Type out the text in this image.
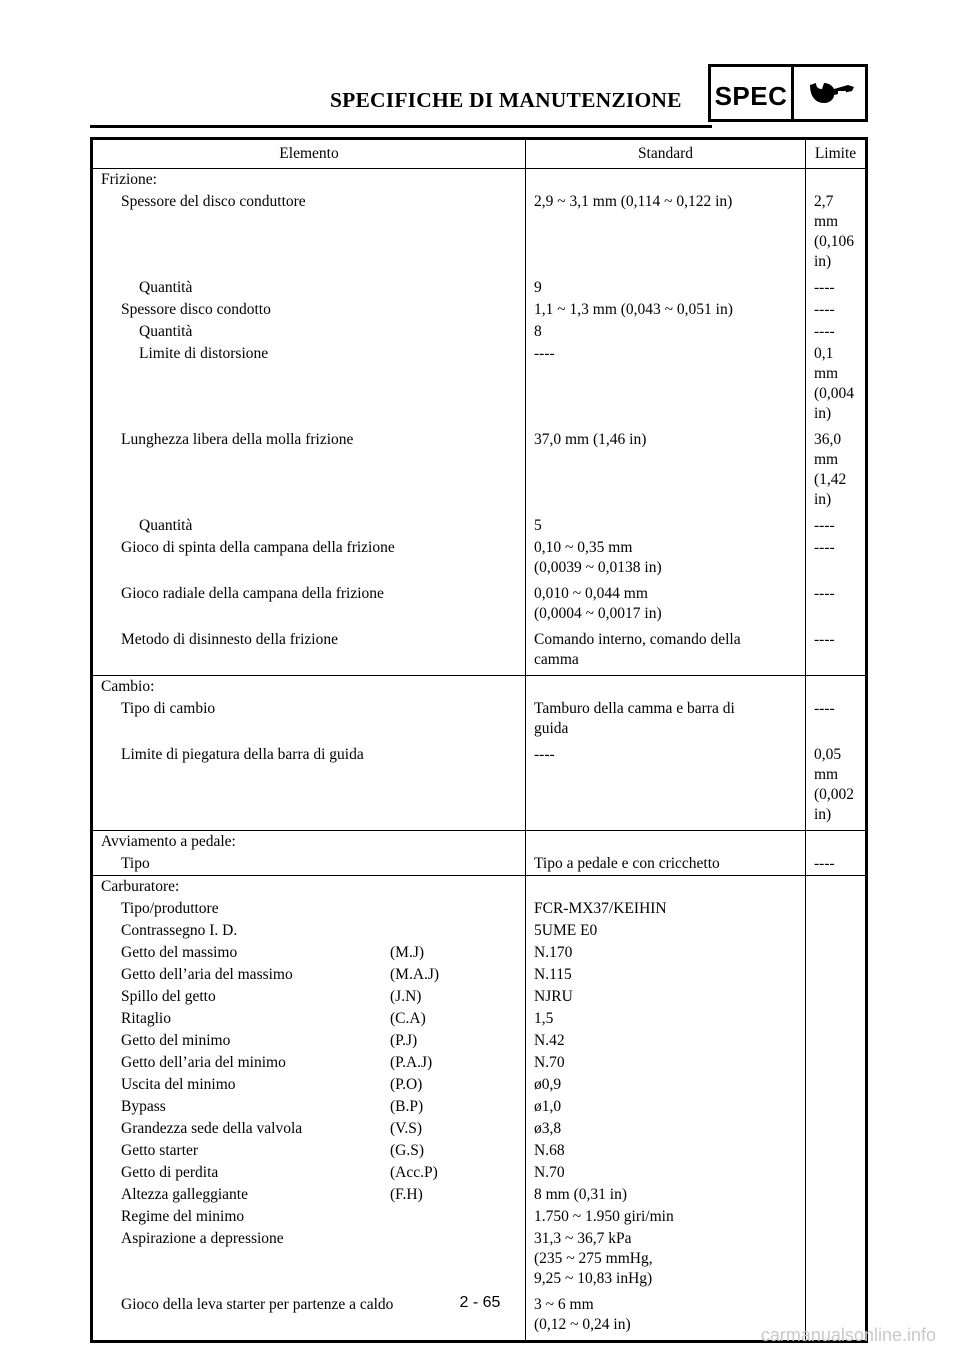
SPECIFICHE DI MANUTENZIONE SPEC
Elemento	Standard	Limite
Frizione:		
Spessore del disco conduttore	2,9 ~ 3,1 mm (0,114 ~ 0,122 in)	2,7 mm
(0,106 in)

Quantità	9	----

Spessore disco condotto	1,1 ~ 1,3 mm (0,043 ~ 0,051 in)	----

Quantità	8	----

Limite di distorsione	----	0,1 mm
(0,004 in)

Lunghezza libera della molla frizione	37,0 mm (1,46 in)	36,0 mm
(1,42 in)

Quantità	5	----

Gioco di spinta della campana della frizione	0,10 ~ 0,35 mm
(0,0039 ~ 0,0138 in)	----

Gioco radiale della campana della frizione	0,010 ~ 0,044 mm
(0,0004 ~ 0,0017 in)	----

Metodo di disinnesto della frizione	Comando interno, comando della
camma	----

Cambio:		
Tipo di cambio	Tamburo della camma e barra di
guida	----

Limite di piegatura della barra di guida	----	0,05 mm
(0,002 in)

Avviamento a pedale:		
Tipo	Tipo a pedale e con cricchetto	----

Carburatore:		
Tipo/produttore	FCR-MX37/KEIHIN	

Contrassegno I. D.	5UME E0	

Getto del massimo (M.J)	N.170	

Getto dell’aria del massimo (M.A.J)	N.115	

Spillo del getto (J.N)	NJRU	

Ritaglio (C.A)	1,5	

Getto del minimo (P.J)	N.42	

Getto dell’aria del minimo (P.A.J)	N.70	

Uscita del minimo (P.O)	ø0,9	

Bypass (B.P)	ø1,0	

Grandezza sede della valvola (V.S)	ø3,8	

Getto starter (G.S)	N.68	

Getto di perdita (Acc.P)	N.70	

Altezza galleggiante (F.H)	8 mm (0,31 in)	

Regime del minimo	1.750 ~ 1.950 giri/min	

Aspirazione a depressione	31,3 ~ 36,7 kPa
(235 ~ 275 mmHg,
9,25 ~ 10,83 inHg)	

Gioco della leva starter per partenze a caldo	3 ~ 6 mm
(0,12 ~ 0,24 in)	

2 - 65
carmanualsonline.info
